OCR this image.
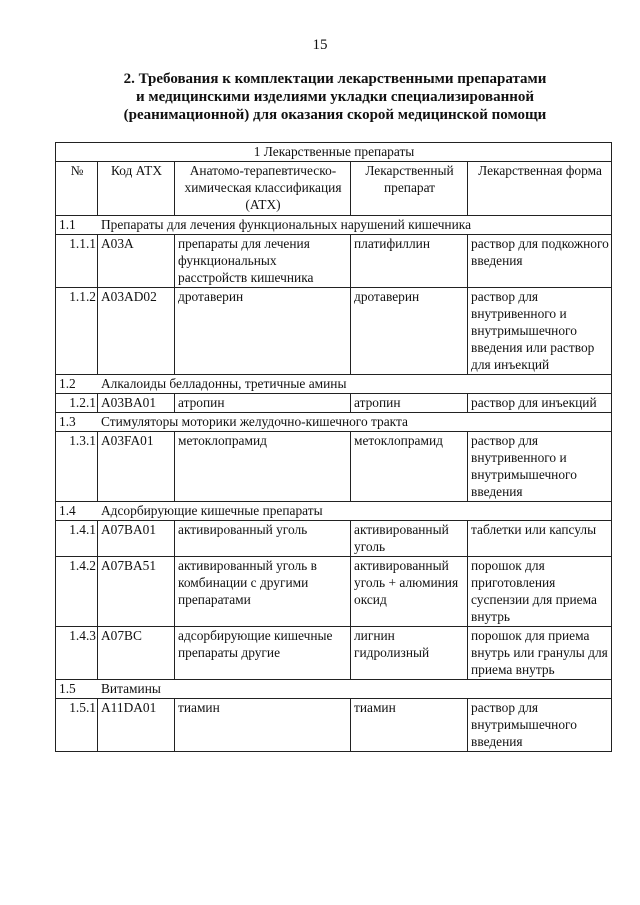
15
2. Требования к комплектации лекарственными препаратами
и медицинскими изделиями укладки специализированной
(реанимационной) для оказания скорой медицинской помощи
1 Лекарственные препараты				
№	Код АТХ	Анатомо-терапевтическо-химическая классификация (АТХ)	Лекарственный препарат	Лекарственная форма
1.1 Препараты для лечения функциональных нарушений кишечника				
1.1.1	A03A	препараты для лечения функциональных расстройств кишечника	платифиллин	раствор для подкожного введения
1.1.2	A03AD02	дротаверин	дротаверин	раствор для внутривенного и внутримышечного введения или раствор для инъекций
1.2 Алкалоиды белладонны, третичные амины				
1.2.1	A03BA01	атропин	атропин	раствор для инъекций
1.3 Стимуляторы моторики желудочно-кишечного тракта				
1.3.1	A03FA01	метоклопрамид	метоклопрамид	раствор для внутривенного и внутримышечного введения
1.4 Адсорбирующие кишечные препараты				
1.4.1	A07BA01	активированный уголь	активированный уголь	таблетки или капсулы
1.4.2	A07BA51	активированный уголь в комбинации с другими препаратами	активированный уголь + алюминия оксид	порошок для приготовления суспензии для приема внутрь
1.4.3	A07BC	адсорбирующие кишечные препараты другие	лигнин гидролизный	порошок для приема внутрь или гранулы для приема внутрь
1.5 Витамины				
1.5.1	A11DA01	тиамин	тиамин	раствор для внутримышечного введения
